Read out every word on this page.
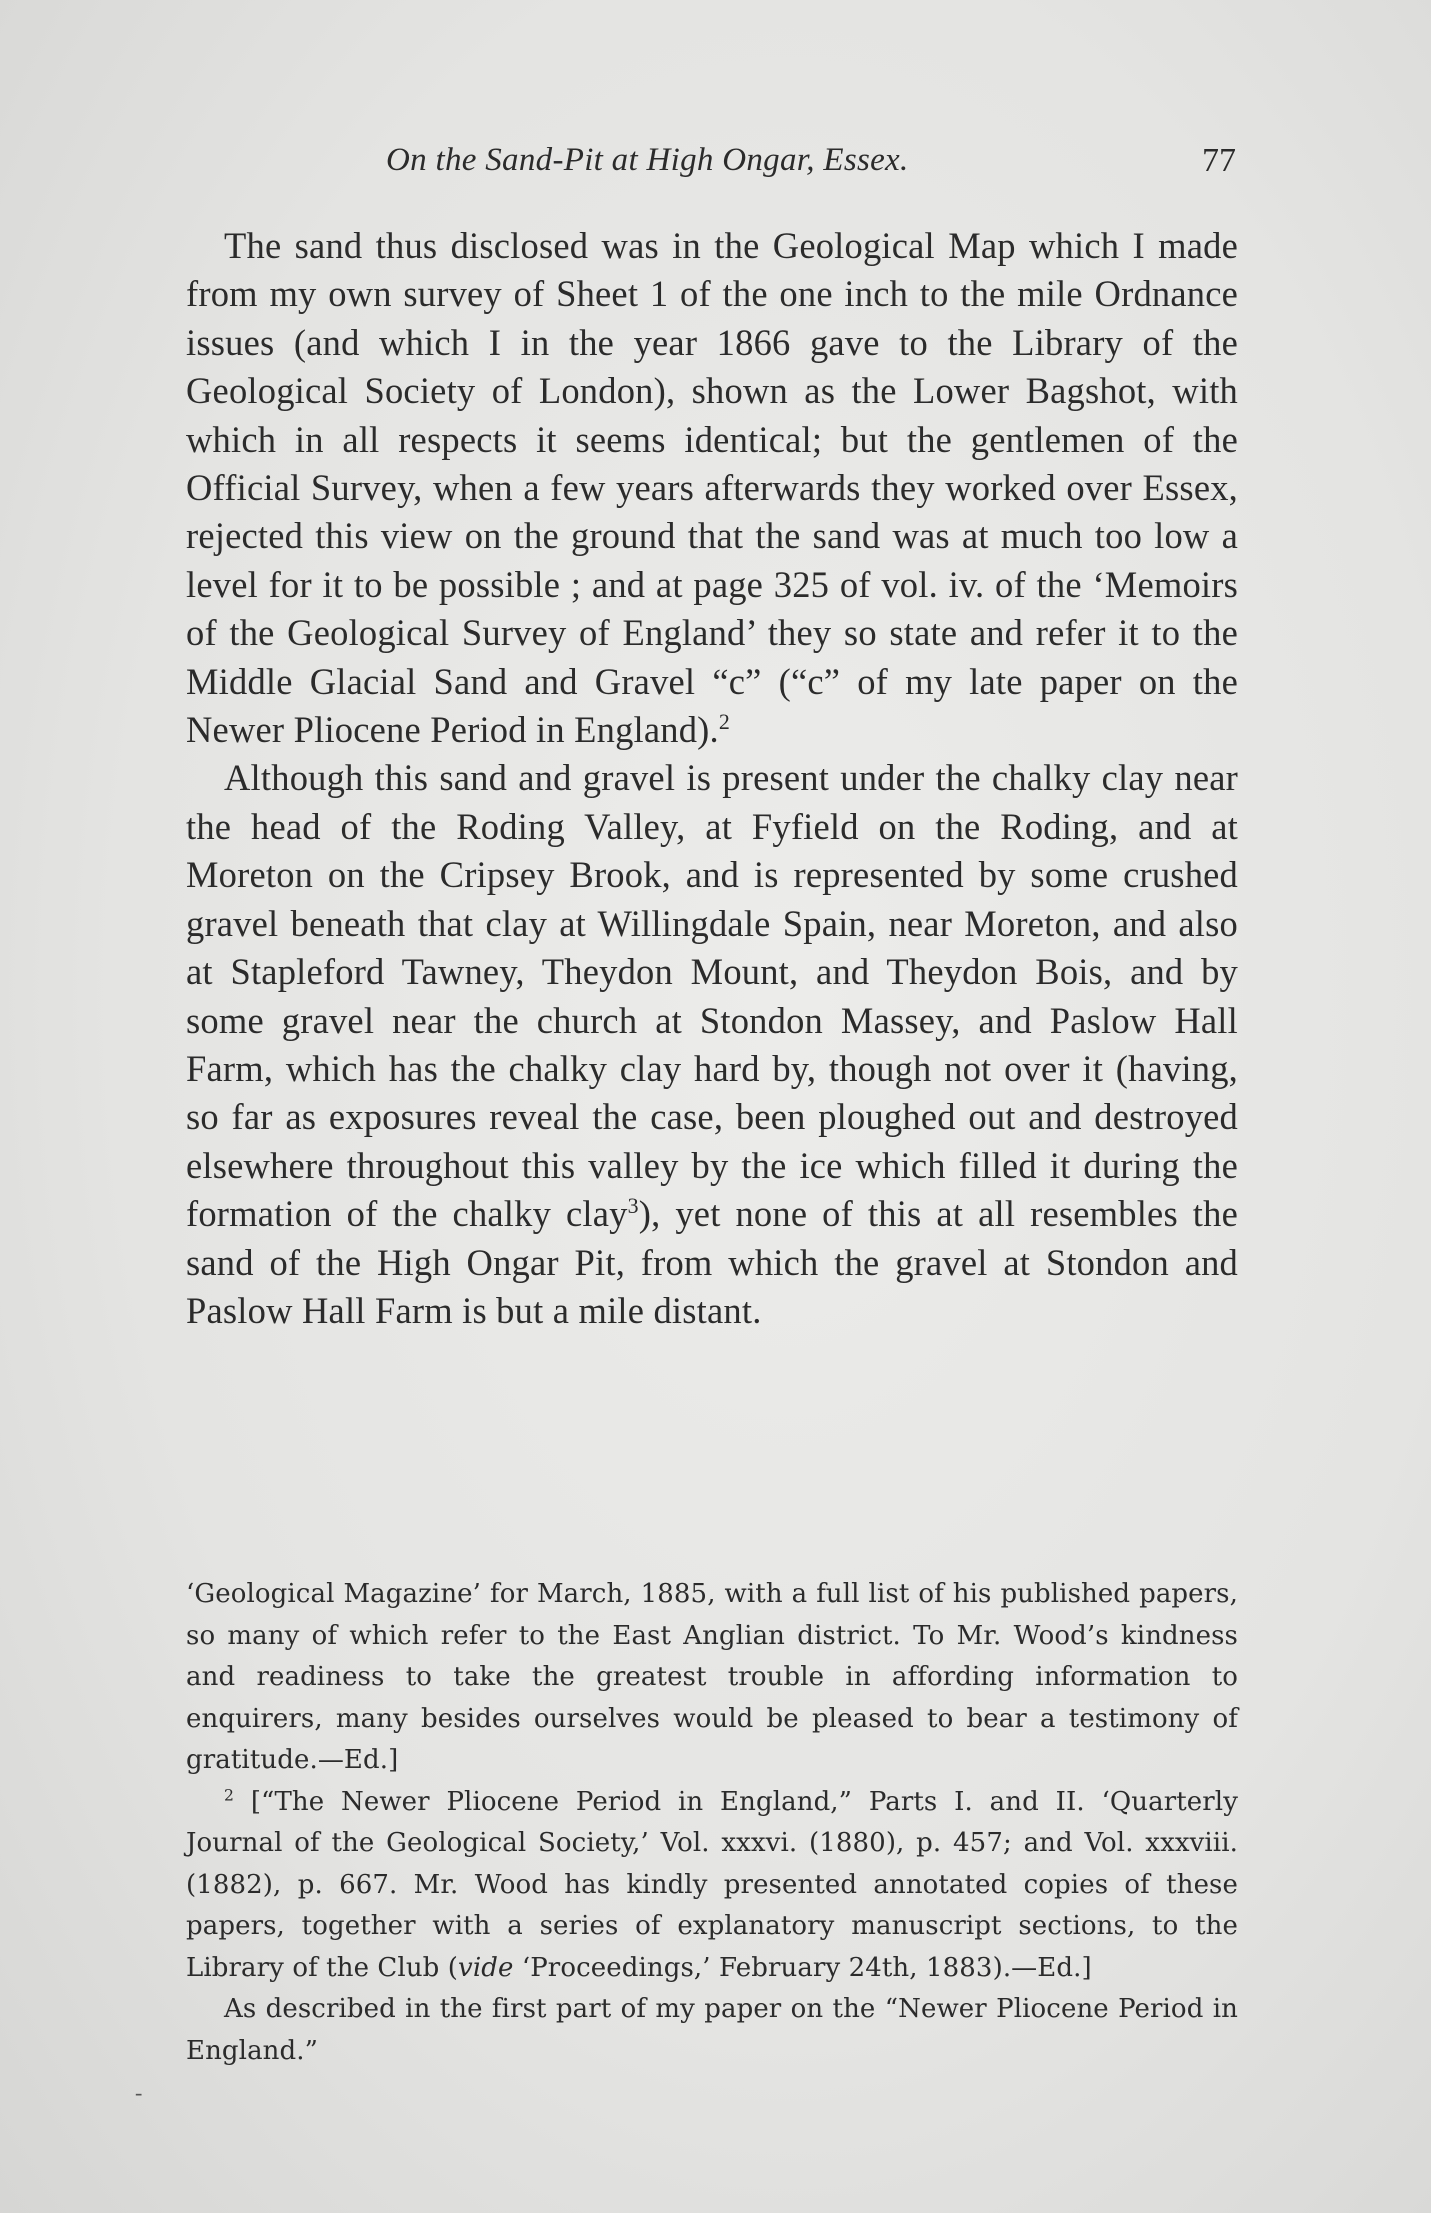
On the Sand-Pit at High Ongar, Essex.	77

The sand thus disclosed was in the Geological Map which I made from my own survey of Sheet 1 of the one inch to the mile Ordnance issues (and which I in the year 1866 gave to the Library of the Geological Society of London), shown as the Lower Bagshot, with which in all respects it seems identical; but the gentlemen of the Official Survey, when a few years afterwards they worked over Essex, rejected this view on the ground that the sand was at much too low a level for it to be possible ; and at page 325 of vol. iv. of the ‘Memoirs of the Geological Survey of England’ they so state and refer it to the Middle Glacial Sand and Gravel “c” (“c” of my late paper on the Newer Pliocene Period in England).$^2$

Although this sand and gravel is present under the chalky clay near the head of the Roding Valley, at Fyfield on the Roding, and at Moreton on the Cripsey Brook, and is represented by some crushed gravel beneath that clay at Willingdale Spain, near Moreton, and also at Stapleford Tawney, Theydon Mount, and Theydon Bois, and by some gravel near the church at Stondon Massey, and Paslow Hall Farm, which has the chalky clay hard by, though not over it (having, so far as exposures reveal the case, been ploughed out and destroyed elsewhere throughout this valley by the ice which filled it during the formation of the chalky clay$^3$), yet none of this at all resembles the sand of the High Ongar Pit, from which the gravel at Stondon and Paslow Hall Farm is but a mile distant.

‘Geological Magazine’ for March, 1885, with a full list of his published papers, so many of which refer to the East Anglian district. To Mr. Wood’s kindness and readiness to take the greatest trouble in affording information to enquirers, many besides ourselves would be pleased to bear a testimony of gratitude.—Ed.]

$^2$ [“The Newer Pliocene Period in England,” Parts I. and II. ‘Quarterly Journal of the Geological Society,’ Vol. xxxvi. (1880), p. 457; and Vol. xxxviii. (1882), p. 667. Mr. Wood has kindly presented annotated copies of these papers, together with a series of explanatory manuscript sections, to the Library of the Club (vide ‘Proceedings,’ February 24th, 1883).—Ed.]

As described in the first part of my paper on the “Newer Pliocene Period in England.”

-
